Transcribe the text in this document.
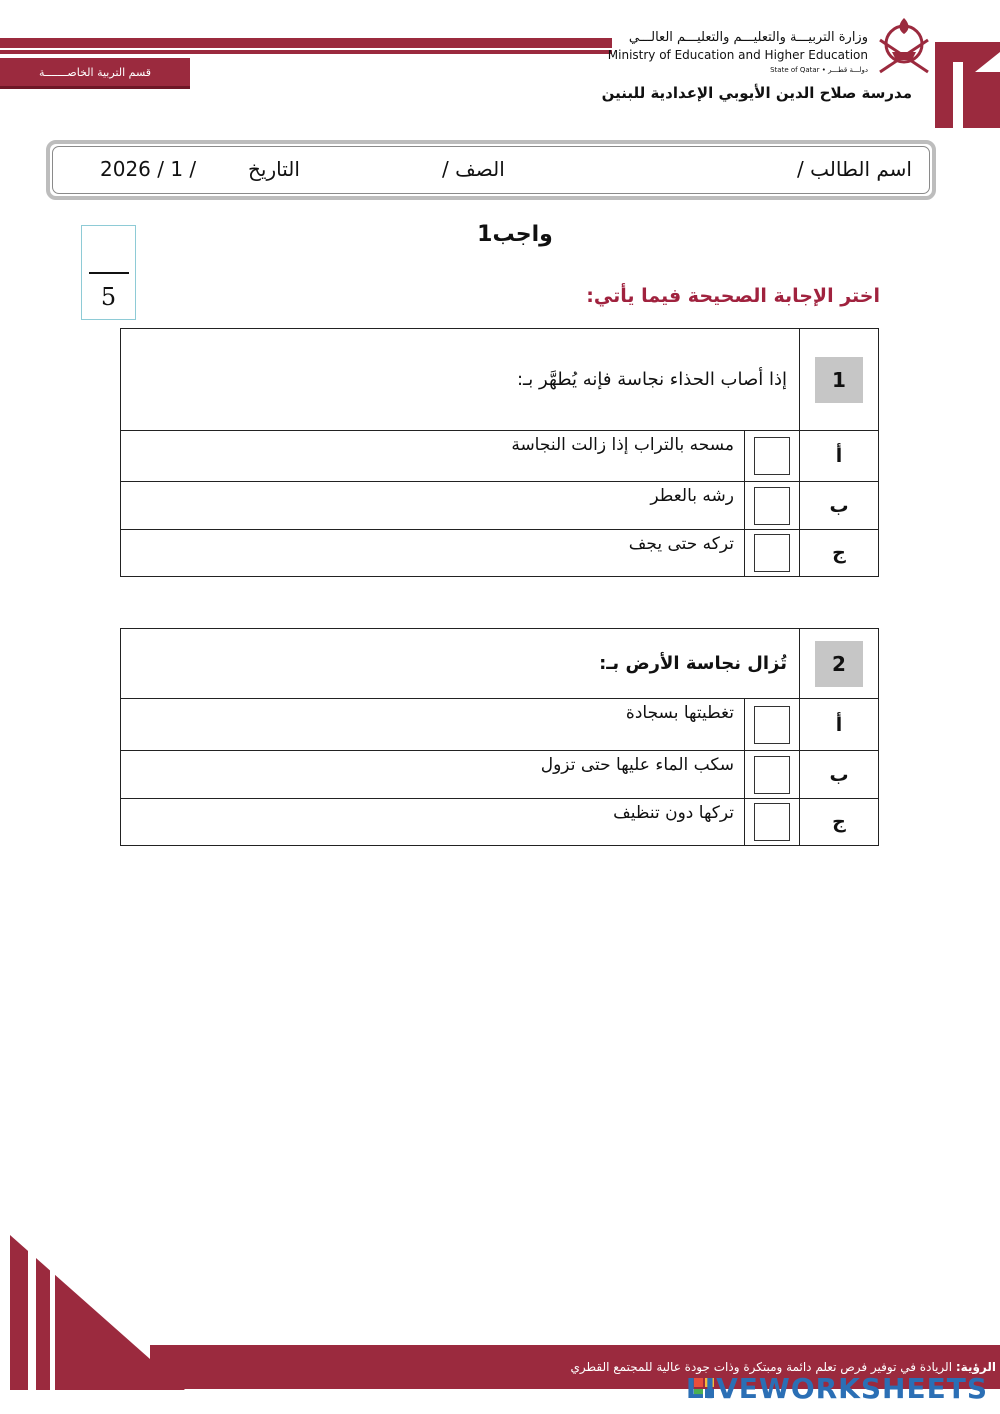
قسم التربية الخاصـــــــة
وزارة التربيـــة والتعليـــم والتعليـــم العالـــي
Ministry of Education and Higher Education
State of Qatar • دولـــة قطـــر
مدرسة صلاح الدين الأيوبي الإعدادية للبنين
اسم الطالب /
الصف /
التاريخ
2026 / 1 /
واجب1
5	اختر الإجابة الصحيحة فيما يأتي:
1	إذا أصاب الحذاء نجاسة فإنه يُطهَّر بـ:	
أ		مسحه بالتراب إذا زالت النجاسة
ب		رشه بالعطر
ج		تركه حتى يجف
2	تُزال نجاسة الأرض بـ:	
أ		تغطيتها بسجادة
ب		سكب الماء عليها حتى تزول
ج		تركها دون تنظيف
الرؤية: الريادة في توفير فرص تعلم دائمة ومبتكرة وذات جودة عالية للمجتمع القطري
LIVEWORKSHEETS
